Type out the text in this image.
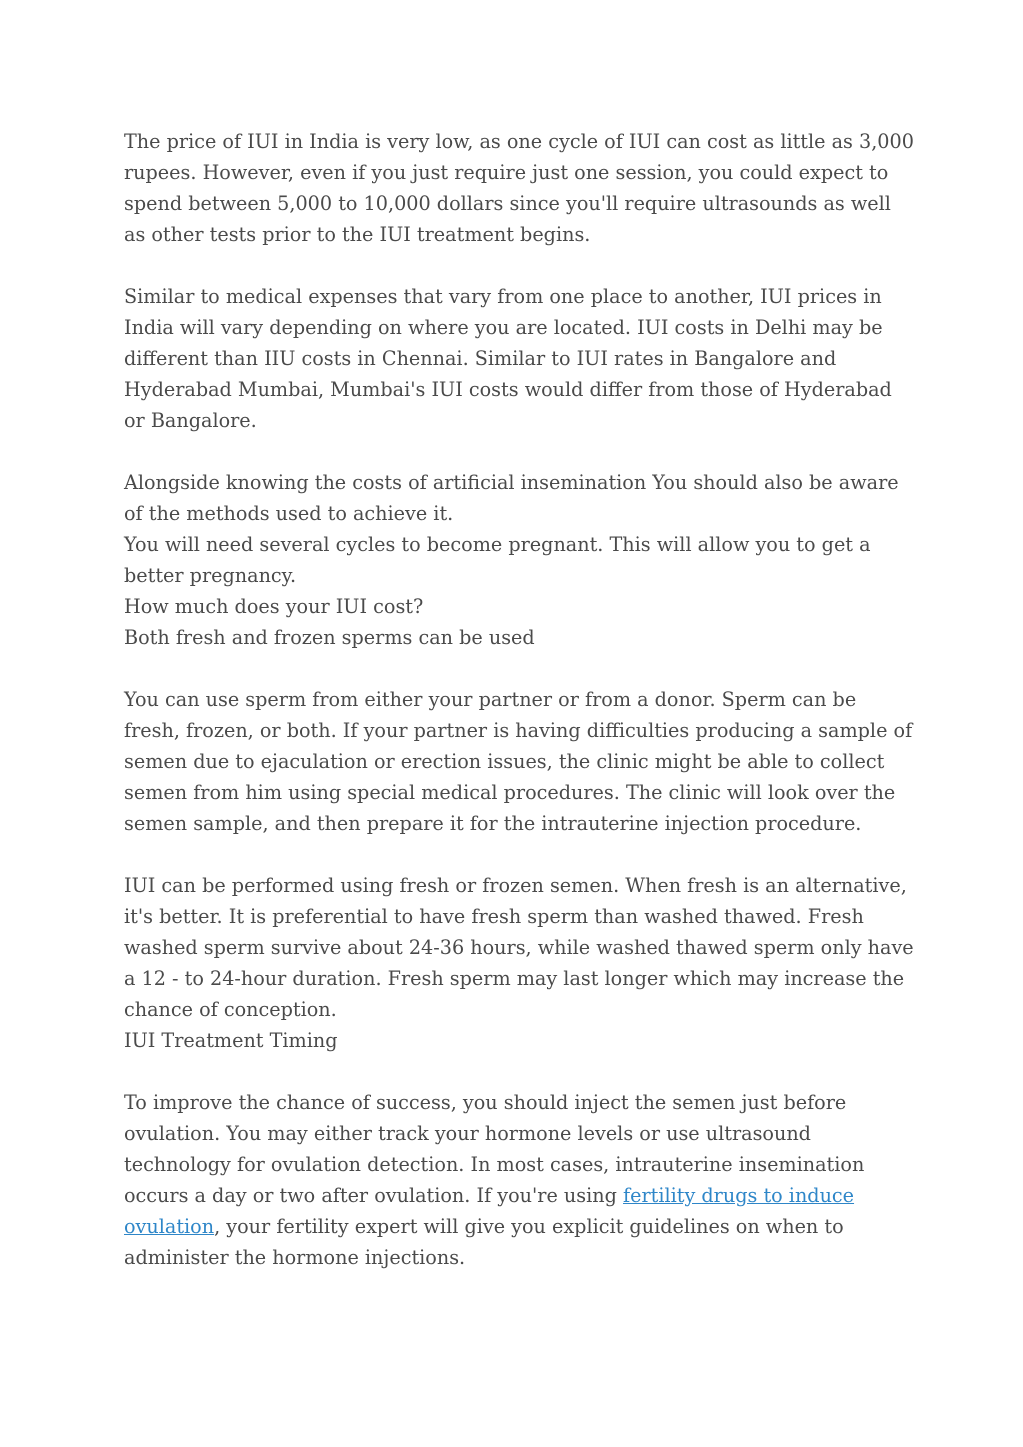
The price of IUI in India is very low, as one cycle of IUI can cost as little as 3,000 rupees. However, even if you just require just one session, you could expect to spend between 5,000 to 10,000 dollars since you'll require ultrasounds as well as other tests prior to the IUI treatment begins.

Similar to medical expenses that vary from one place to another, IUI prices in India will vary depending on where you are located. IUI costs in Delhi may be different than IIU costs in Chennai. Similar to IUI rates in Bangalore and Hyderabad Mumbai, Mumbai's IUI costs would differ from those of Hyderabad or Bangalore.

Alongside knowing the costs of artificial insemination You should also be aware of the methods used to achieve it.

You will need several cycles to become pregnant. This will allow you to get a better pregnancy.

How much does your IUI cost?

Both fresh and frozen sperms can be used

You can use sperm from either your partner or from a donor. Sperm can be fresh, frozen, or both. If your partner is having difficulties producing a sample of semen due to ejaculation or erection issues, the clinic might be able to collect semen from him using special medical procedures. The clinic will look over the semen sample, and then prepare it for the intrauterine injection procedure.

IUI can be performed using fresh or frozen semen. When fresh is an alternative, it's better. It is preferential to have fresh sperm than washed thawed. Fresh washed sperm survive about 24-36 hours, while washed thawed sperm only have a 12 - to 24-hour duration. Fresh sperm may last longer which may increase the chance of conception.

IUI Treatment Timing

To improve the chance of success, you should inject the semen just before ovulation. You may either track your hormone levels or use ultrasound technology for ovulation detection. In most cases, intrauterine insemination occurs a day or two after ovulation. If you're using fertility drugs to induce ovulation, your fertility expert will give you explicit guidelines on when to administer the hormone injections.
